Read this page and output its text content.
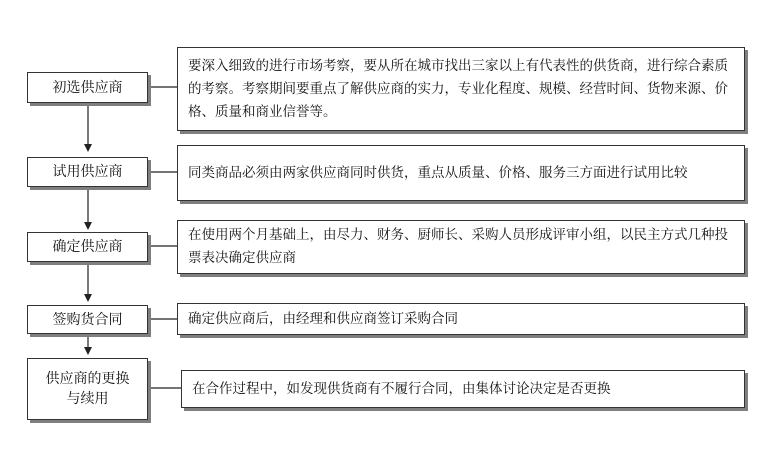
初选供应商
试用供应商
确定供应商
签购货合同
供应商的更换与续用
要深入细致的进行市场考察，要从所在城市找出三家以上有代表性的供货商，进行综合素质的考察。考察期间要重点了解供应商的实力，专业化程度、规模、经营时间、货物来源、价格、质量和商业信誉等。
同类商品必须由两家供应商同时供货，重点从质量、价格、服务三方面进行试用比较
在使用两个月基础上，由尽力、财务、厨师长、采购人员形成评审小组，以民主方式几种投票表决确定供应商
确定供应商后，由经理和供应商签订采购合同
在合作过程中，如发现供货商有不履行合同，由集体讨论决定是否更换
